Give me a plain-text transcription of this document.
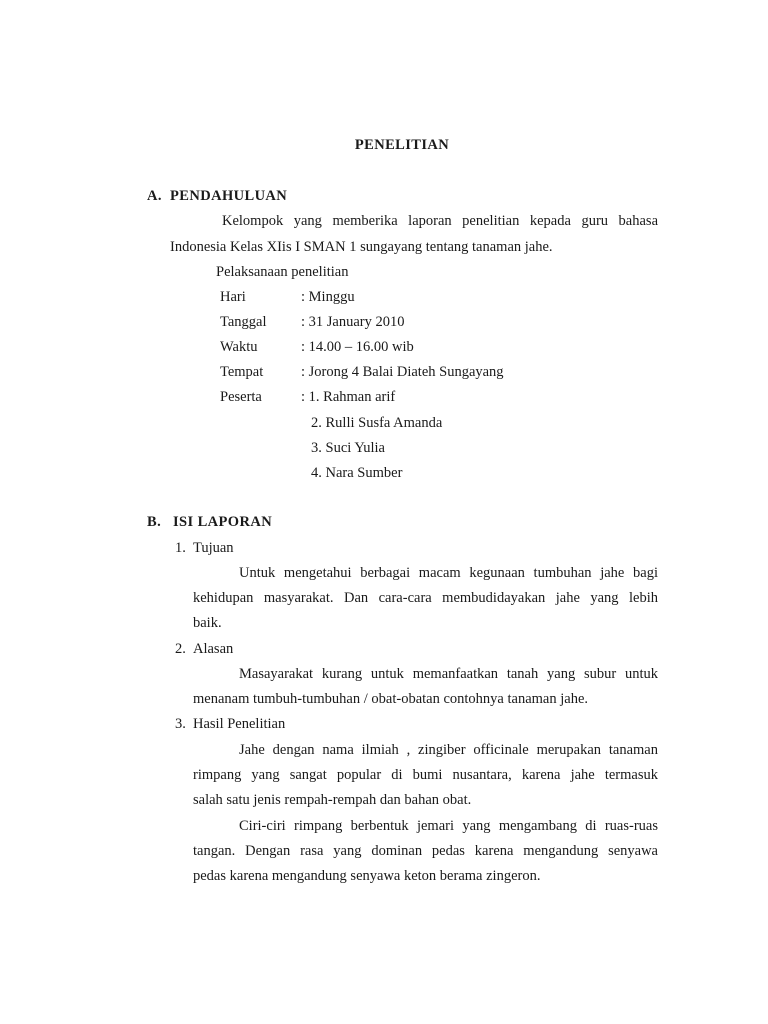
PENELITIAN
A. PENDAHULUAN
Kelompok yang memberika laporan penelitian kepada guru bahasa
Indonesia Kelas XIis I SMAN 1 sungayang tentang tanaman jahe.
Pelaksanaan penelitian
Hari	: Minggu
Tanggal : 31 January 2010
Waktu	: 14.00 – 16.00 wib
Tempat	: Jorong 4 Balai Diateh Sungayang
Peserta	: 1. Rahman arif
2. Rulli Susfa Amanda
3. Suci Yulia
4. Nara Sumber
B. ISI LAPORAN
1. Tujuan
Untuk mengetahui berbagai macam kegunaan tumbuhan jahe bagi
kehidupan masyarakat. Dan cara-cara membudidayakan jahe yang lebih
baik.
2. Alasan
Masayarakat kurang untuk memanfaatkan tanah yang subur untuk
menanam tumbuh-tumbuhan / obat-obatan contohnya tanaman jahe.
3. Hasil Penelitian
Jahe dengan nama ilmiah , zingiber officinale merupakan tanaman
rimpang yang sangat popular di bumi nusantara, karena jahe termasuk
salah satu jenis rempah-rempah dan bahan obat.
Ciri-ciri rimpang berbentuk jemari yang mengambang di ruas-ruas
tangan. Dengan rasa yang dominan pedas karena mengandung senyawa
pedas karena mengandung senyawa keton berama zingeron.
